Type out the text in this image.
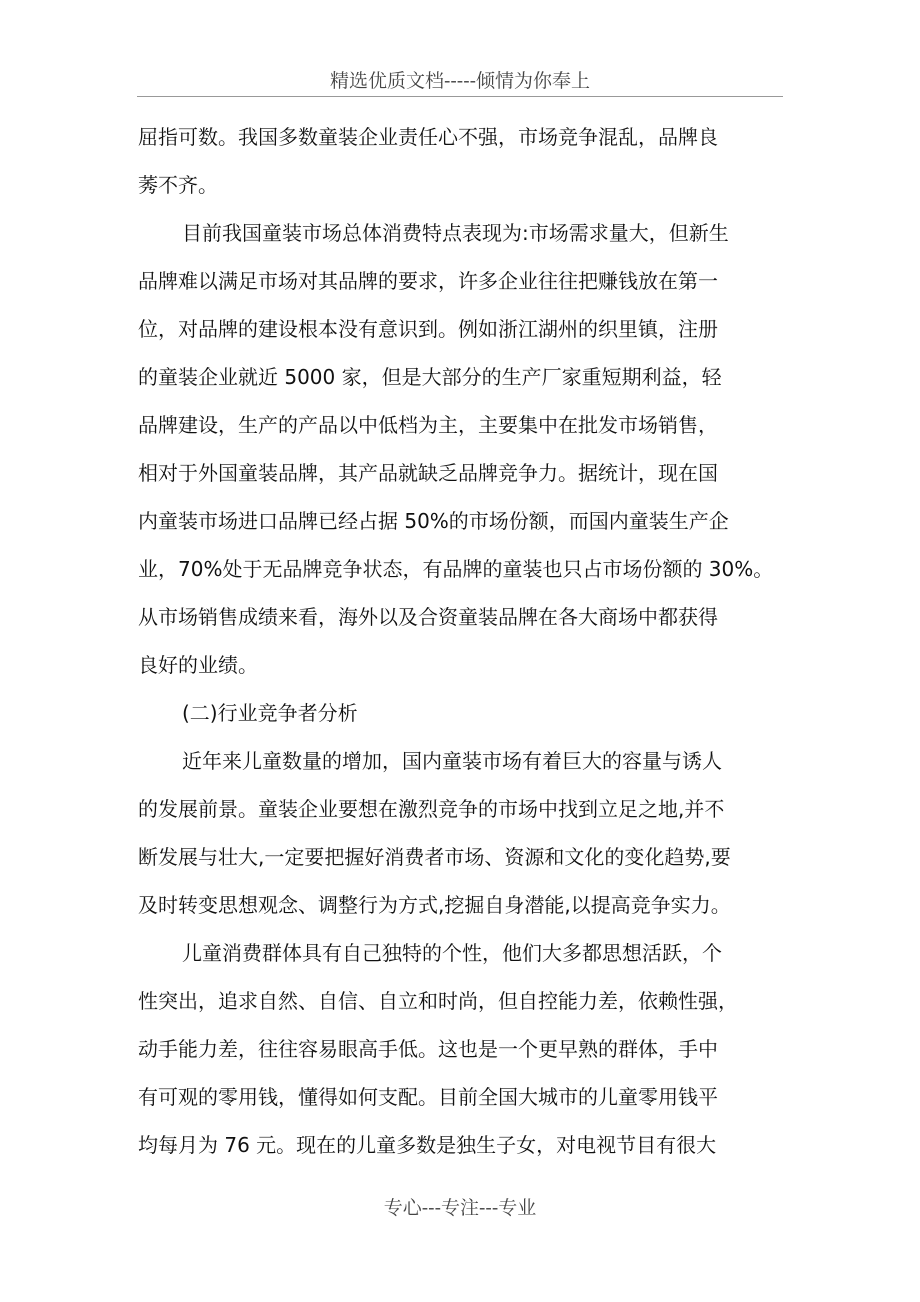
精选优质文档-----倾情为你奉上
屈指可数。我国多数童装企业责任心不强，市场竞争混乱，品牌良
莠不齐。
目前我国童装市场总体消费特点表现为:市场需求量大，但新生
品牌难以满足市场对其品牌的要求，许多企业往往把赚钱放在第一
位，对品牌的建设根本没有意识到。例如浙江湖州的织里镇，注册
的童装企业就近 5000 家，但是大部分的生产厂家重短期利益，轻
品牌建设，生产的产品以中低档为主，主要集中在批发市场销售，
相对于外国童装品牌，其产品就缺乏品牌竞争力。据统计，现在国
内童装市场进口品牌已经占据 50%的市场份额，而国内童装生产企
业，70%处于无品牌竞争状态，有品牌的童装也只占市场份额的 30%。
从市场销售成绩来看，海外以及合资童装品牌在各大商场中都获得
良好的业绩。
(二)行业竞争者分析
近年来儿童数量的增加，国内童装市场有着巨大的容量与诱人
的发展前景。童装企业要想在激烈竞争的市场中找到立足之地,并不
断发展与壮大,一定要把握好消费者市场、资源和文化的变化趋势,要
及时转变思想观念、调整行为方式,挖掘自身潜能,以提高竞争实力。
儿童消费群体具有自己独特的个性，他们大多都思想活跃，个
性突出，追求自然、自信、自立和时尚，但自控能力差，依赖性强，
动手能力差，往往容易眼高手低。这也是一个更早熟的群体，手中
有可观的零用钱，懂得如何支配。目前全国大城市的儿童零用钱平
均每月为 76 元。现在的儿童多数是独生子女，对电视节目有很大
专心---专注---专业
